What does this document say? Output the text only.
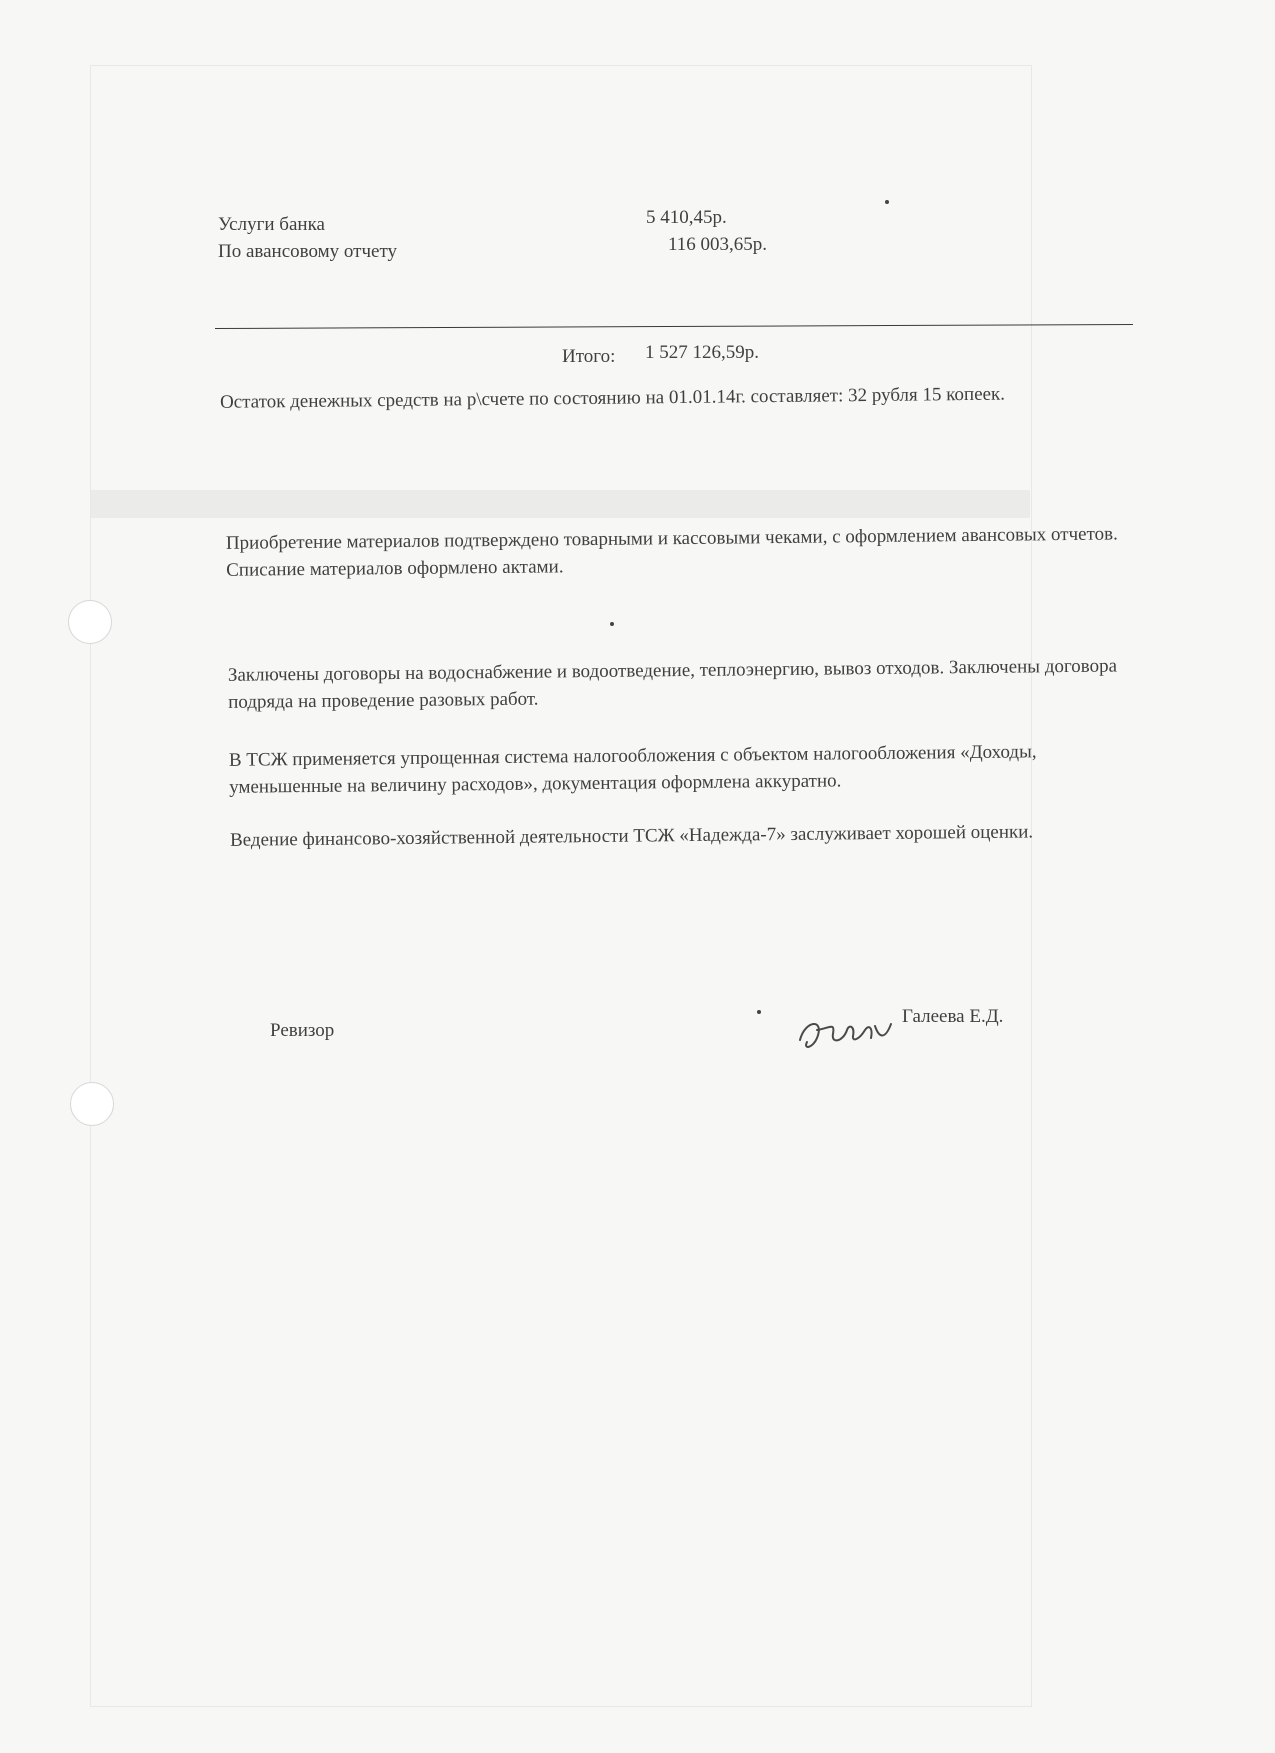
Услуги банка	5 410,45р.
По авансовому отчету	116 003,65р.
Итого: 1 527 126,59р.

Остаток денежных средств на р\счете по состоянию на 01.01.14г. составляет: 32 рубля 15 копеек.

Приобретение материалов подтверждено товарными и кассовыми чеками, с оформлением авансовых отчетов. Списание материалов оформлено актами.

Заключены договоры на водоснабжение и водоотведение, теплоэнергию, вывоз отходов. Заключены договора подряда на проведение разовых работ.

В ТСЖ применяется упрощенная система налогообложения с объектом налогообложения «Доходы, уменьшенные на величину расходов», документация оформлена аккуратно.

Ведение финансово-хозяйственной деятельности ТСЖ «Надежда-7» заслуживает хорошей оценки.

Ревизор
Галеева Е.Д.
